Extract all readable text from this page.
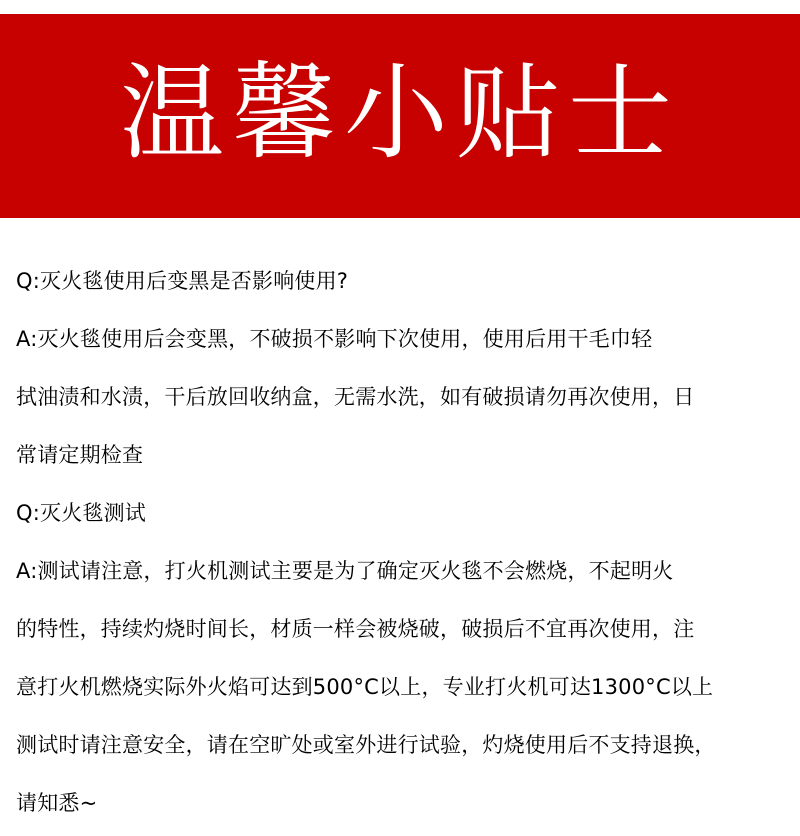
温馨小贴士
Q:灭火毯使用后变黑是否影响使用?
A:灭火毯使用后会变黑，不破损不影响下次使用，使用后用干毛巾轻
拭油渍和水渍，干后放回收纳盒，无需水洗，如有破损请勿再次使用，日
常请定期检查
Q:灭火毯测试
A:测试请注意，打火机测试主要是为了确定灭火毯不会燃烧，不起明火
的特性，持续灼烧时间长，材质一样会被烧破，破损后不宜再次使用，注
意打火机燃烧实际外火焰可达到500°C以上，专业打火机可达1300°C以上
测试时请注意安全，请在空旷处或室外进行试验，灼烧使用后不支持退换，
请知悉~
